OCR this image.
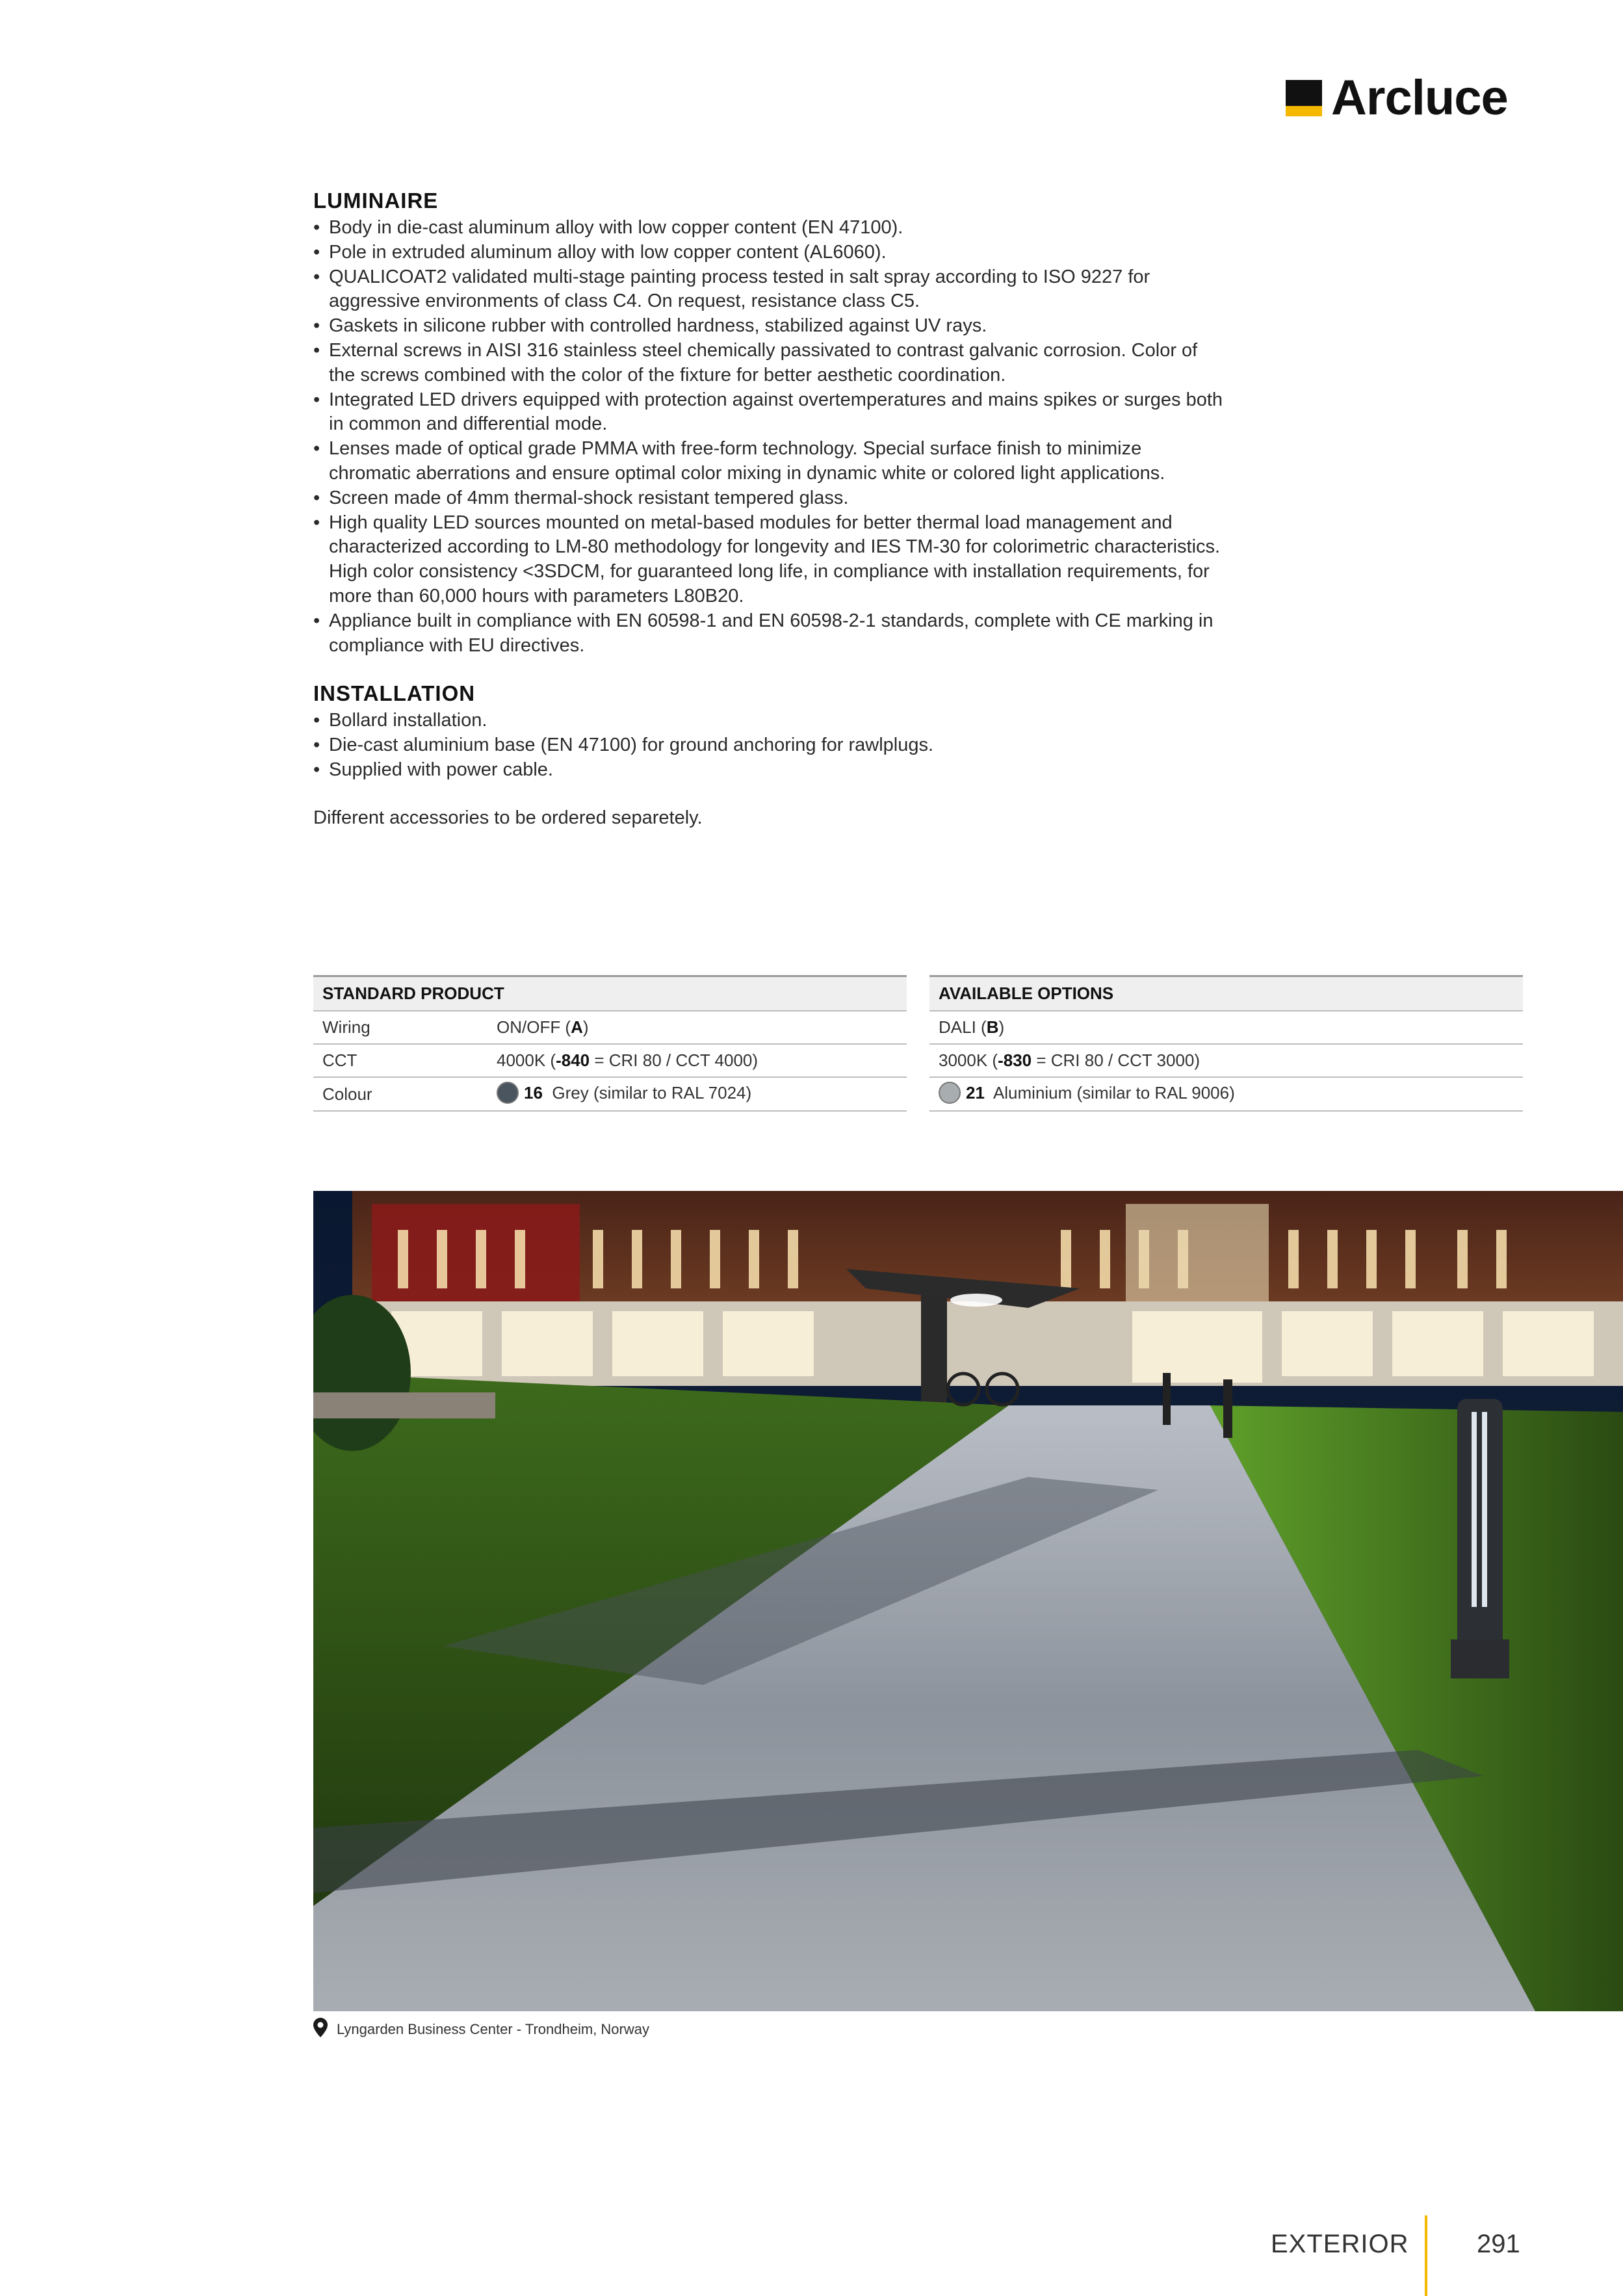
Arcluce
LUMINAIRE
• Body in die-cast aluminum alloy with low copper content (EN 47100).
• Pole in extruded aluminum alloy with low copper content (AL6060).
• QUALICOAT2 validated multi-stage painting process tested in salt spray according to ISO 9227 for
aggressive environments of class C4. On request, resistance class C5.
• Gaskets in silicone rubber with controlled hardness, stabilized against UV rays.
• External screws in AISI 316 stainless steel chemically passivated to contrast galvanic corrosion. Color of
the screws combined with the color of the fixture for better aesthetic coordination.
• Integrated LED drivers equipped with protection against overtemperatures and mains spikes or surges both
in common and differential mode.
• Lenses made of optical grade PMMA with free-form technology. Special surface finish to minimize
chromatic aberrations and ensure optimal color mixing in dynamic white or colored light applications.
• Screen made of 4mm thermal-shock resistant tempered glass.
• High quality LED sources mounted on metal-based modules for better thermal load management and
characterized according to LM-80 methodology for longevity and IES TM-30 for colorimetric characteristics.
High color consistency <3SDCM, for guaranteed long life, in compliance with installation requirements, for
more than 60,000 hours with parameters L80B20.
• Appliance built in compliance with EN 60598-1 and EN 60598-2-1 standards, complete with CE marking in
compliance with EU directives.
INSTALLATION
• Bollard installation.
• Die-cast aluminium base (EN 47100) for ground anchoring for rawlplugs.
• Supplied with power cable.
Different accessories to be ordered separetely.
STANDARD PRODUCT	
Wiring	ON/OFF (A)
CCT	4000K (-840 = CRI 80 / CCT 4000)
Colour	16 Grey (similar to RAL 7024)
AVAILABLE OPTIONS
DALI (B)
3000K (-830 = CRI 80 / CCT 3000)
21 Aluminium (similar to RAL 9006)
Lyngarden Business Center - Trondheim, Norway
EXTERIOR	291
